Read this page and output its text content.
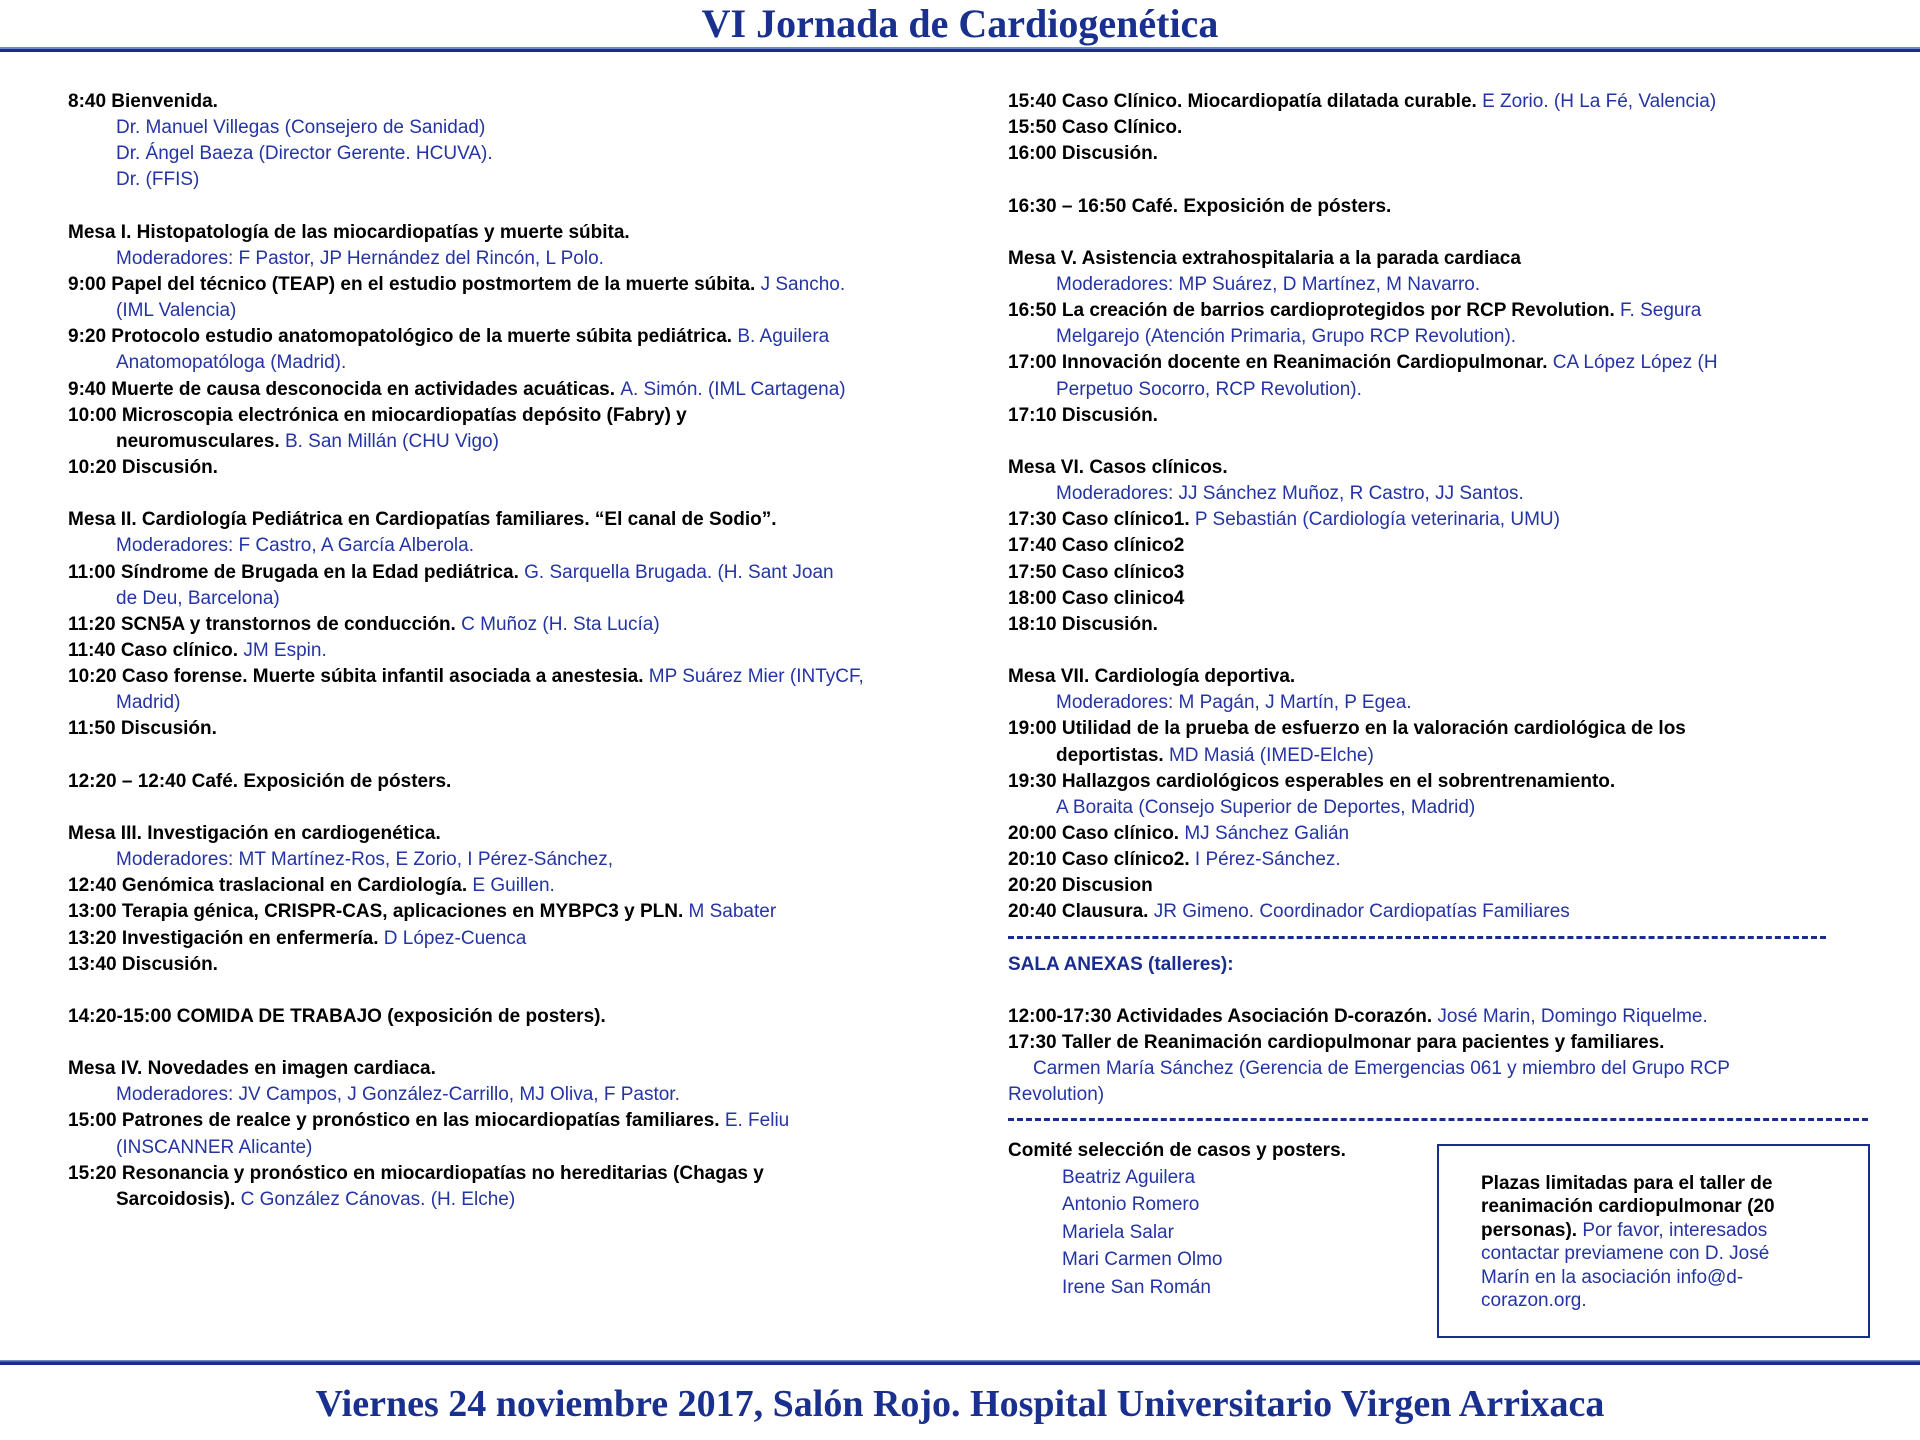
VI Jornada de Cardiogenética
8:40 Bienvenida.
Dr. Manuel Villegas (Consejero de Sanidad)
Dr. Ángel Baeza (Director Gerente. HCUVA).
Dr. (FFIS)

Mesa I. Histopatología de las miocardiopatías y muerte súbita.
Moderadores: F Pastor, JP Hernández del Rincón, L Polo.
9:00 Papel del técnico (TEAP) en el estudio postmortem de la muerte súbita. J Sancho.
(IML Valencia)
9:20 Protocolo estudio anatomopatológico de la muerte súbita pediátrica. B. Aguilera
Anatomopatóloga (Madrid).
9:40 Muerte de causa desconocida en actividades acuáticas. A. Simón. (IML Cartagena)
10:00 Microscopia electrónica en miocardiopatías depósito (Fabry) y
neuromusculares. B. San Millán (CHU Vigo)
10:20 Discusión.

Mesa II. Cardiología Pediátrica en Cardiopatías familiares. “El canal de Sodio”.
Moderadores: F Castro, A García Alberola.
11:00 Síndrome de Brugada en la Edad pediátrica. G. Sarquella Brugada. (H. Sant Joan
de Deu, Barcelona)
11:20 SCN5A y transtornos de conducción. C Muñoz (H. Sta Lucía)
11:40 Caso clínico. JM Espin.
10:20 Caso forense. Muerte súbita infantil asociada a anestesia. MP Suárez Mier (INTyCF,
Madrid)
11:50 Discusión.

12:20 – 12:40 Café. Exposición de pósters.

Mesa III. Investigación en cardiogenética.
Moderadores: MT Martínez-Ros, E Zorio, I Pérez-Sánchez,
12:40 Genómica traslacional en Cardiología. E Guillen.
13:00 Terapia génica, CRISPR-CAS, aplicaciones en MYBPC3 y PLN. M Sabater
13:20 Investigación en enfermería. D López-Cuenca
13:40 Discusión.

14:20-15:00 COMIDA DE TRABAJO (exposición de posters).

Mesa IV. Novedades en imagen cardiaca.
Moderadores: JV Campos, J González-Carrillo, MJ Oliva, F Pastor.
15:00 Patrones de realce y pronóstico en las miocardiopatías familiares. E. Feliu
(INSCANNER Alicante)
15:20 Resonancia y pronóstico en miocardiopatías no hereditarias (Chagas y
Sarcoidosis). C González Cánovas. (H. Elche)
15:40 Caso Clínico. Miocardiopatía dilatada curable. E Zorio. (H La Fé, Valencia)
15:50 Caso Clínico.
16:00 Discusión.

16:30 – 16:50 Café. Exposición de pósters.

Mesa V. Asistencia extrahospitalaria a la parada cardiaca
Moderadores: MP Suárez, D Martínez, M Navarro.
16:50 La creación de barrios cardioprotegidos por RCP Revolution. F. Segura
Melgarejo (Atención Primaria, Grupo RCP Revolution).
17:00 Innovación docente en Reanimación Cardiopulmonar. CA López López (H
Perpetuo Socorro, RCP Revolution).
17:10 Discusión.

Mesa VI. Casos clínicos.
Moderadores: JJ Sánchez Muñoz, R Castro, JJ Santos.
17:30 Caso clínico1. P Sebastián (Cardiología veterinaria, UMU)
17:40 Caso clínico2
17:50 Caso clínico3
18:00 Caso clinico4
18:10 Discusión.

Mesa VII. Cardiología deportiva.
Moderadores: M Pagán, J Martín, P Egea.
19:00 Utilidad de la prueba de esfuerzo en la valoración cardiológica de los
deportistas. MD Masiá (IMED-Elche)
19:30 Hallazgos cardiológicos esperables en el sobrentrenamiento.
A Boraita (Consejo Superior de Deportes, Madrid)
20:00 Caso clínico. MJ Sánchez Galián
20:10 Caso clínico2. I Pérez-Sánchez.
20:20 Discusion
20:40 Clausura. JR Gimeno. Coordinador Cardiopatías Familiares
SALA ANEXAS (talleres):

12:00-17:30 Actividades Asociación D-corazón. José Marin, Domingo Riquelme.
17:30 Taller de Reanimación cardiopulmonar para pacientes y familiares.
Carmen María Sánchez (Gerencia de Emergencias 061 y miembro del Grupo RCP
Revolution)
Comité selección de casos y posters.
Beatriz Aguilera
Antonio Romero
Mariela Salar
Mari Carmen Olmo
Irene San Román
Plazas limitadas para el taller de
reanimación cardiopulmonar (20
personas). Por favor, interesados
contactar previamene con D. José
Marín en la asociación info@d-
corazon.org.
Viernes 24 noviembre 2017, Salón Rojo. Hospital Universitario Virgen Arrixaca
